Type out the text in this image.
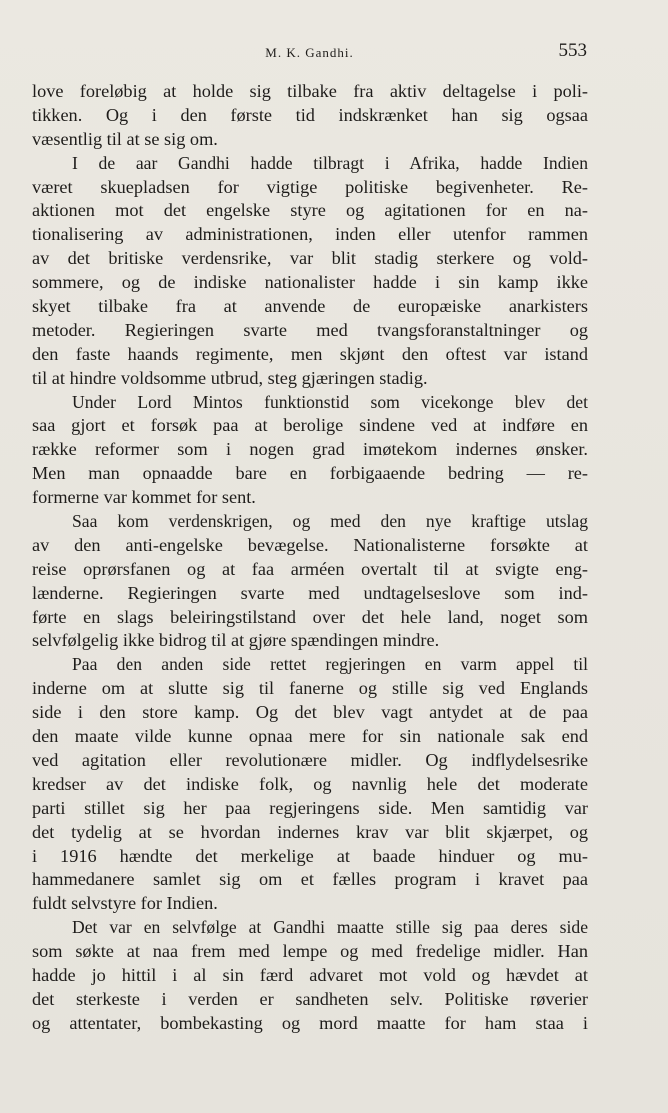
M. K. Gandhi.	553
love foreløbig at holde sig tilbake fra aktiv deltagelse i poli-
tikken. Og i den første tid indskrænket han sig ogsaa
væsentlig til at se sig om.
I de aar Gandhi hadde tilbragt i Afrika, hadde Indien
været skuepladsen for vigtige politiske begivenheter. Re-
aktionen mot det engelske styre og agitationen for en na-
tionalisering av administrationen, inden eller utenfor rammen
av det britiske verdensrike, var blit stadig sterkere og vold-
sommere, og de indiske nationalister hadde i sin kamp ikke
skyet tilbake fra at anvende de europæiske anarkisters
metoder. Regieringen svarte med tvangsforanstaltninger og
den faste haands regimente, men skjønt den oftest var istand
til at hindre voldsomme utbrud, steg gjæringen stadig.
Under Lord Mintos funktionstid som vicekonge blev det
saa gjort et forsøk paa at berolige sindene ved at indføre en
række reformer som i nogen grad imøtekom indernes ønsker.
Men man opnaadde bare en forbigaaende bedring — re-
formerne var kommet for sent.
Saa kom verdenskrigen, og med den nye kraftige utslag
av den anti-engelske bevægelse. Nationalisterne forsøkte at
reise oprørsfanen og at faa arméen overtalt til at svigte eng-
lænderne. Regieringen svarte med undtagelseslove som ind-
førte en slags beleiringstilstand over det hele land, noget som
selvfølgelig ikke bidrog til at gjøre spændingen mindre.
Paa den anden side rettet regjeringen en varm appel til
inderne om at slutte sig til fanerne og stille sig ved Englands
side i den store kamp. Og det blev vagt antydet at de paa
den maate vilde kunne opnaa mere for sin nationale sak end
ved agitation eller revolutionære midler. Og indflydelsesrike
kredser av det indiske folk, og navnlig hele det moderate
parti stillet sig her paa regjeringens side. Men samtidig var
det tydelig at se hvordan indernes krav var blit skjærpet, og
i 1916 hændte det merkelige at baade hinduer og mu-
hammedanere samlet sig om et fælles program i kravet paa
fuldt selvstyre for Indien.
Det var en selvfølge at Gandhi maatte stille sig paa deres side
som søkte at naa frem med lempe og med fredelige midler. Han
hadde jo hittil i al sin færd advaret mot vold og hævdet at
det sterkeste i verden er sandheten selv. Politiske røverier
og attentater, bombekasting og mord maatte for ham staa i
